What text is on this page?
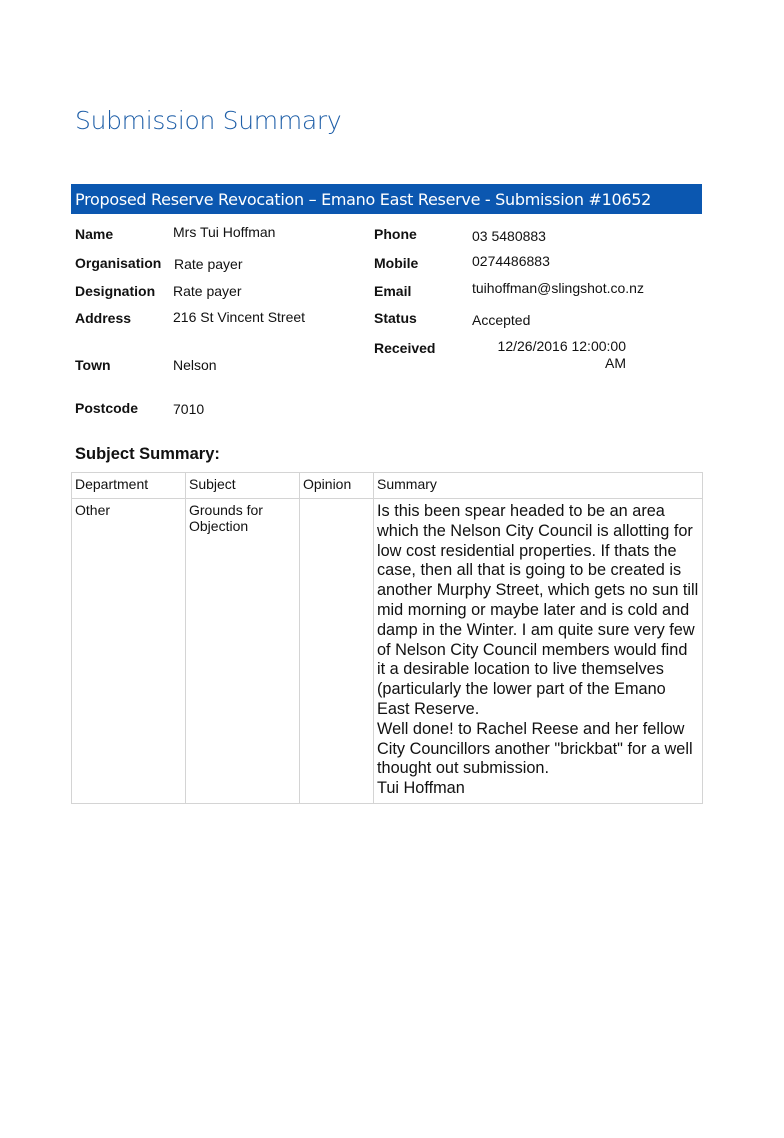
Submission Summary
Proposed Reserve Revocation – Emano East Reserve - Submission #10652
Name	Mrs Tui Hoffman
Organisation Rate payer
Designation Rate payer
Address	216 St Vincent Street
Town	Nelson
Postcode 7010
Phone	03 5480883
Mobile	0274486883
Email	tuihoffman@slingshot.co.nz
Status	Accepted
Received	12/26/2016 12:00:00 AM
Subject Summary:
Department	Subject	Opinion	Summary
Other	Grounds for Objection		Is this been spear headed to be an area which the Nelson City Council is allotting for low cost residential properties. If thats the case, then all that is going to be created is another Murphy Street, which gets no sun till mid morning or maybe later and is cold and damp in the Winter. I am quite sure very few of Nelson City Council members would find it a desirable location to live themselves (particularly the lower part of the Emano East Reserve.
Well done! to Rachel Reese and her fellow City Councillors another "brickbat" for a well thought out submission.
Tui Hoffman
